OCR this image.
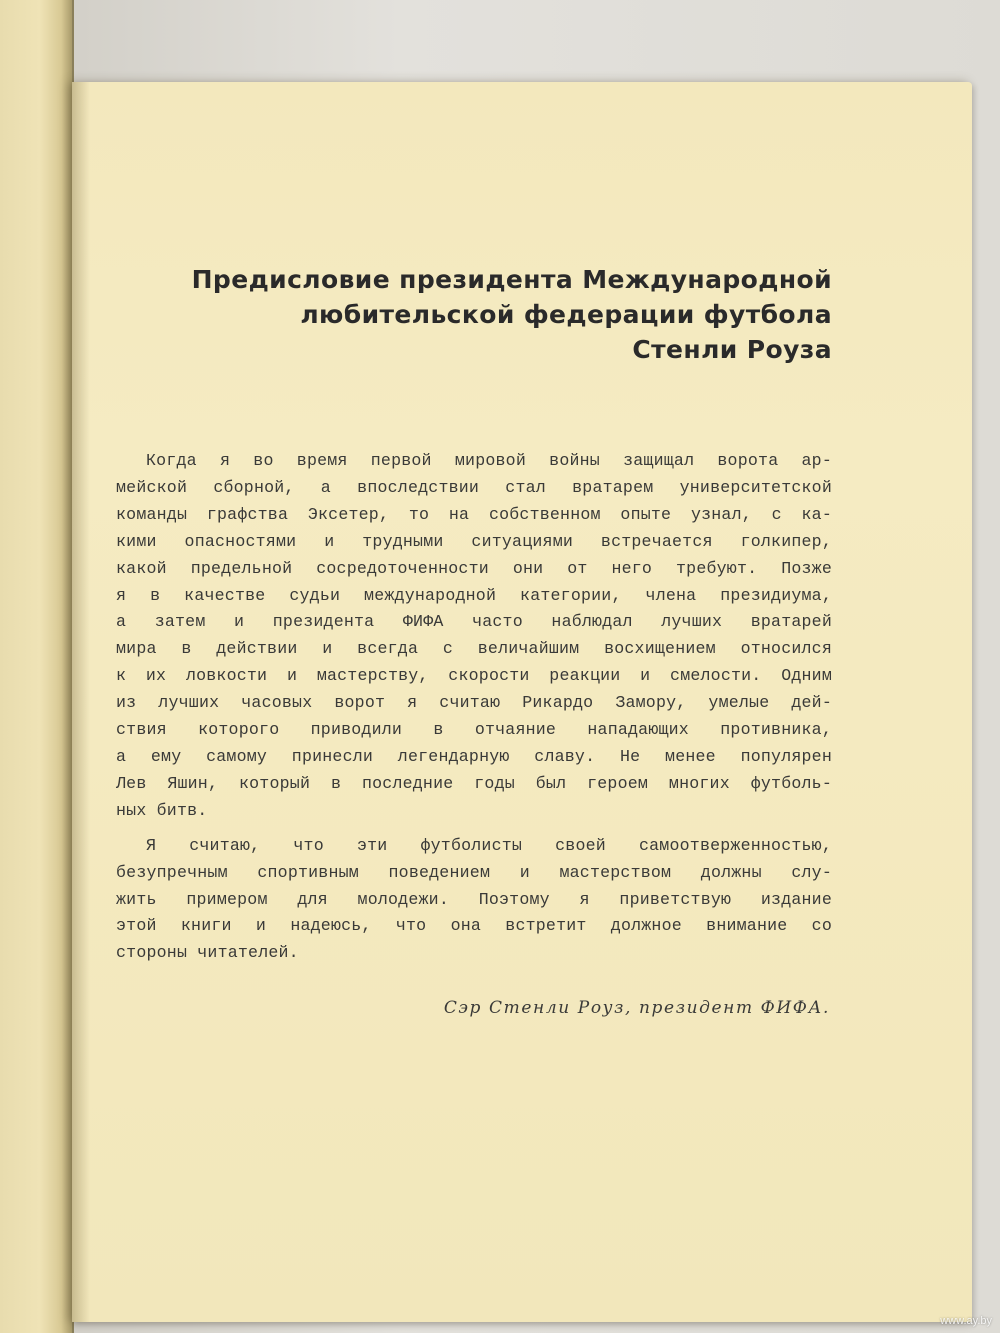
Предисловие президента Международной
любительской федерации футбола
Стенли Роуза
Когда я во время первой мировой войны защищал ворота ар-
мейской сборной, а впоследствии стал вратарем университетской
команды графства Эксетер, то на собственном опыте узнал, с ка-
кими опасностями и трудными ситуациями встречается голкипер,
какой предельной сосредоточенности они от него требуют. Позже
я в качестве судьи международной категории, члена президиума,
а затем и президента ФИФА часто наблюдал лучших вратарей
мира в действии и всегда с величайшим восхищением относился
к их ловкости и мастерству, скорости реакции и смелости. Одним
из лучших часовых ворот я считаю Рикардо Замору, умелые дей-
ствия которого приводили в отчаяние нападающих противника,
а ему самому принесли легендарную славу. Не менее популярен
Лев Яшин, который в последние годы был героем многих футболь-
ных битв.
Я считаю, что эти футболисты своей самоотверженностью,
безупречным спортивным поведением и мастерством должны слу-
жить примером для молодежи. Поэтому я приветствую издание
этой книги и надеюсь, что она встретит должное внимание со
стороны читателей.
Сэр Стенли Роуз, президент ФИФА.
www.ay.by
